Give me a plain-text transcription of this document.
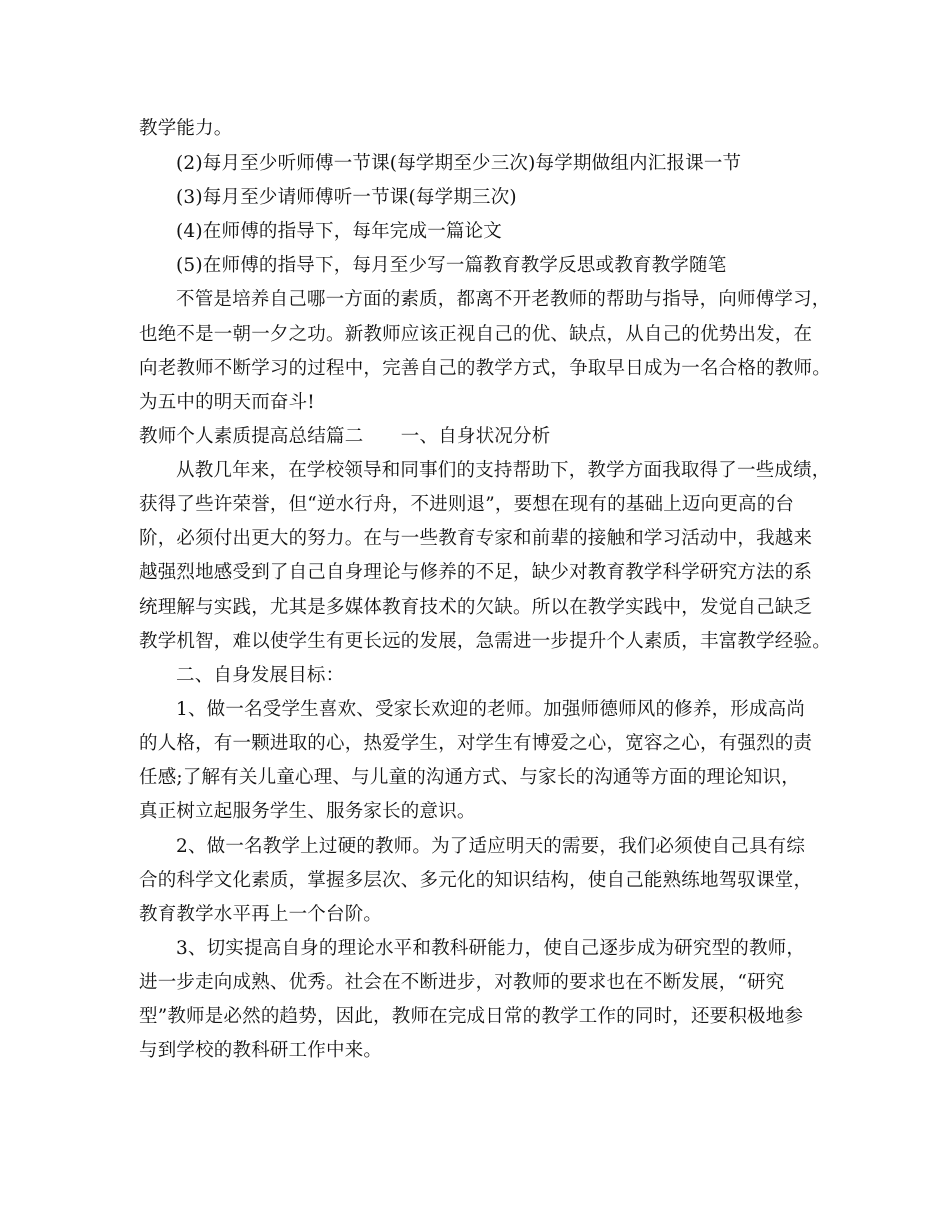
教学能力。
(2)每月至少听师傅一节课(每学期至少三次)每学期做组内汇报课一节
(3)每月至少请师傅听一节课(每学期三次)
(4)在师傅的指导下，每年完成一篇论文
(5)在师傅的指导下，每月至少写一篇教育教学反思或教育教学随笔
不管是培养自己哪一方面的素质，都离不开老教师的帮助与指导，向师傅学习，
也绝不是一朝一夕之功。新教师应该正视自己的优、缺点，从自己的优势出发，在
向老教师不断学习的过程中，完善自己的教学方式，争取早日成为一名合格的教师。
为五中的明天而奋斗!
教师个人素质提高总结篇二　　一、自身状况分析
从教几年来，在学校领导和同事们的支持帮助下，教学方面我取得了一些成绩，
获得了些许荣誉，但“逆水行舟，不进则退”，要想在现有的基础上迈向更高的台
阶，必须付出更大的努力。在与一些教育专家和前辈的接触和学习活动中，我越来
越强烈地感受到了自己自身理论与修养的不足，缺少对教育教学科学研究方法的系
统理解与实践，尤其是多媒体教育技术的欠缺。所以在教学实践中，发觉自己缺乏
教学机智，难以使学生有更长远的发展，急需进一步提升个人素质，丰富教学经验。
二、自身发展目标：
1、做一名受学生喜欢、受家长欢迎的老师。加强师德师风的修养，形成高尚
的人格，有一颗进取的心，热爱学生，对学生有博爱之心，宽容之心，有强烈的责
任感;了解有关儿童心理、与儿童的沟通方式、与家长的沟通等方面的理论知识，
真正树立起服务学生、服务家长的意识。
2、做一名教学上过硬的教师。为了适应明天的需要，我们必须使自己具有综
合的科学文化素质，掌握多层次、多元化的知识结构，使自己能熟练地驾驭课堂，
教育教学水平再上一个台阶。
3、切实提高自身的理论水平和教科研能力，使自己逐步成为研究型的教师，
进一步走向成熟、优秀。社会在不断进步，对教师的要求也在不断发展，“研究
型”教师是必然的趋势，因此，教师在完成日常的教学工作的同时，还要积极地参
与到学校的教科研工作中来。
